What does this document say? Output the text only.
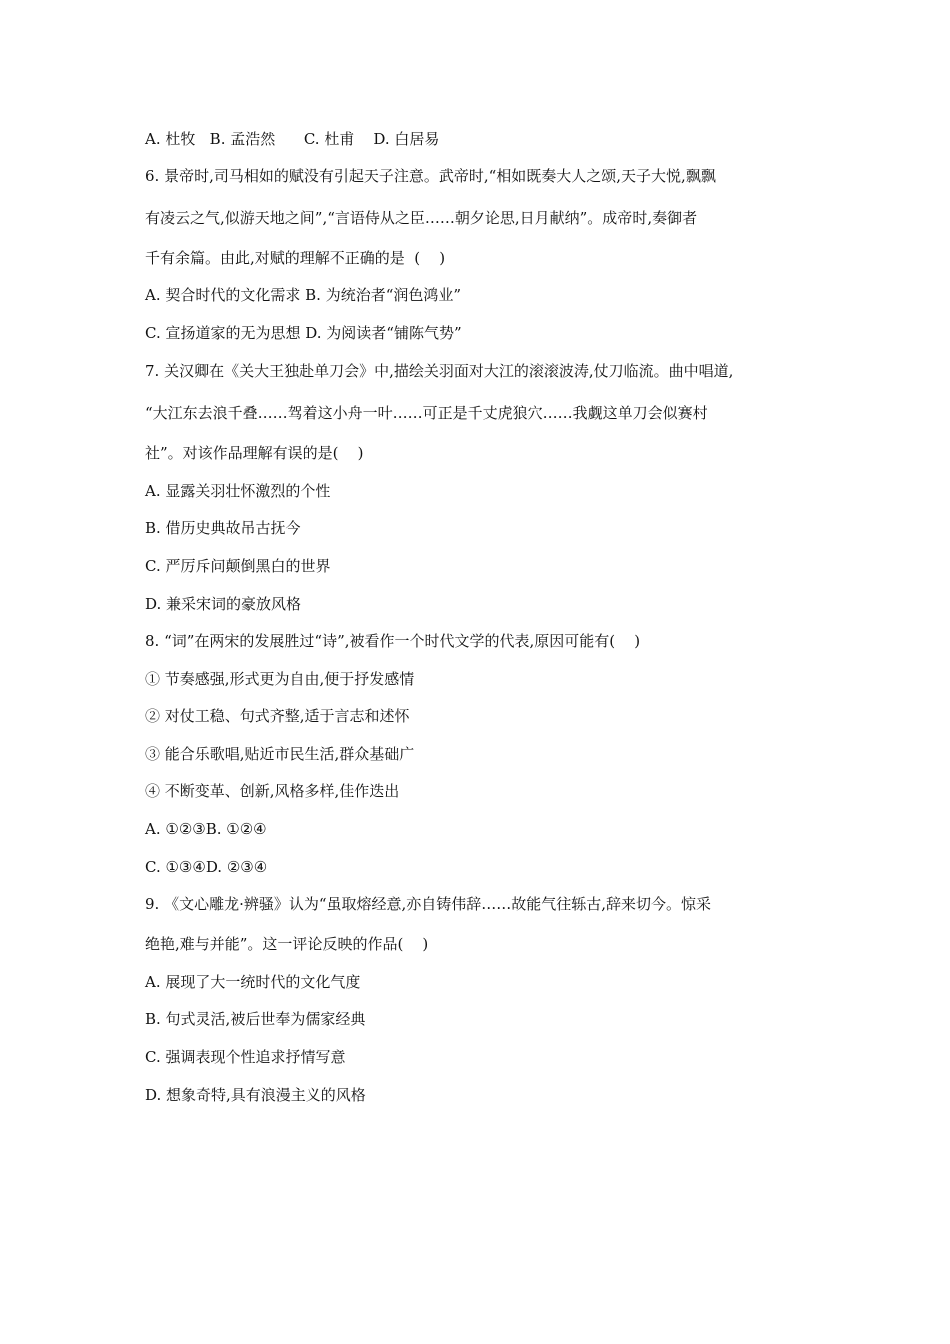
A. 杜牧   B. 孟浩然      C. 杜甫    D. 白居易
6. 景帝时,司马相如的赋没有引起天子注意。武帝时,“相如既奏大人之颂,天子大悦,飘飘
有凌云之气,似游天地之间”,“言语侍从之臣……朝夕论思,日月献纳”。成帝时,奏御者
千有余篇。由此,对赋的理解不正确的是  (    )
A. 契合时代的文化需求 B. 为统治者“润色鸿业”
C. 宣扬道家的无为思想 D. 为阅读者“铺陈气势”
7. 关汉卿在《关大王独赴单刀会》中,描绘关羽面对大江的滚滚波涛,仗刀临流。曲中唱道,
“大江东去浪千叠……驾着这小舟一叶……可正是千丈虎狼穴……我觑这单刀会似赛村
社”。对该作品理解有误的是(    )
A. 显露关羽壮怀激烈的个性
B. 借历史典故吊古抚今
C. 严厉斥问颠倒黑白的世界
D. 兼采宋词的豪放风格
8. “词”在两宋的发展胜过“诗”,被看作一个时代文学的代表,原因可能有(    )
① 节奏感强,形式更为自由,便于抒发感情
② 对仗工稳、句式齐整,适于言志和述怀
③ 能合乐歌唱,贴近市民生活,群众基础广
④ 不断变革、创新,风格多样,佳作迭出
A. ①②③B. ①②④
C. ①③④D. ②③④
9. 《文心雕龙·辨骚》认为“虽取熔经意,亦自铸伟辞……故能气往轹古,辞来切今。惊采
绝艳,难与并能”。这一评论反映的作品(    )
A. 展现了大一统时代的文化气度
B. 句式灵活,被后世奉为儒家经典
C. 强调表现个性追求抒情写意
D. 想象奇特,具有浪漫主义的风格
